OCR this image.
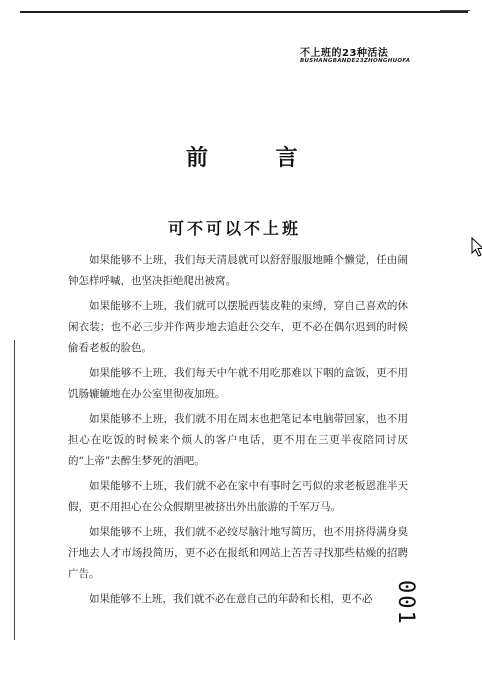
不上班的23种活法
BUSHANGBANDE23ZHONGHUOFA
前 言
可不可以不上班

如果能够不上班，我们每天清晨就可以舒舒服服地睡个懒觉，任由闹钟怎样呼喊，也坚决拒绝爬出被窝。

如果能够不上班，我们就可以摆脱西装皮鞋的束缚，穿自己喜欢的休闲衣装；也不必三步并作两步地去追赶公交车，更不必在偶尔迟到的时候偷看老板的脸色。

如果能够不上班，我们每天中午就不用吃那难以下咽的盒饭，更不用饥肠辘辘地在办公室里彻夜加班。

如果能够不上班，我们就不用在周末也把笔记本电脑带回家，也不用担心在吃饭的时候来个烦人的客户电话，更不用在三更半夜陪同讨厌的“上帝”去醉生梦死的酒吧。

如果能够不上班，我们就不必在家中有事时乞丐似的求老板恩准半天假，更不用担心在公众假期里被挤出外出旅游的千军万马。

如果能够不上班，我们就不必绞尽脑汁地写简历，也不用挤得满身臭汗地去人才市场投简历，更不必在报纸和网站上苦苦寻找那些枯燥的招聘广告。

如果能够不上班，我们就不必在意自己的年龄和长相，更不必 001
